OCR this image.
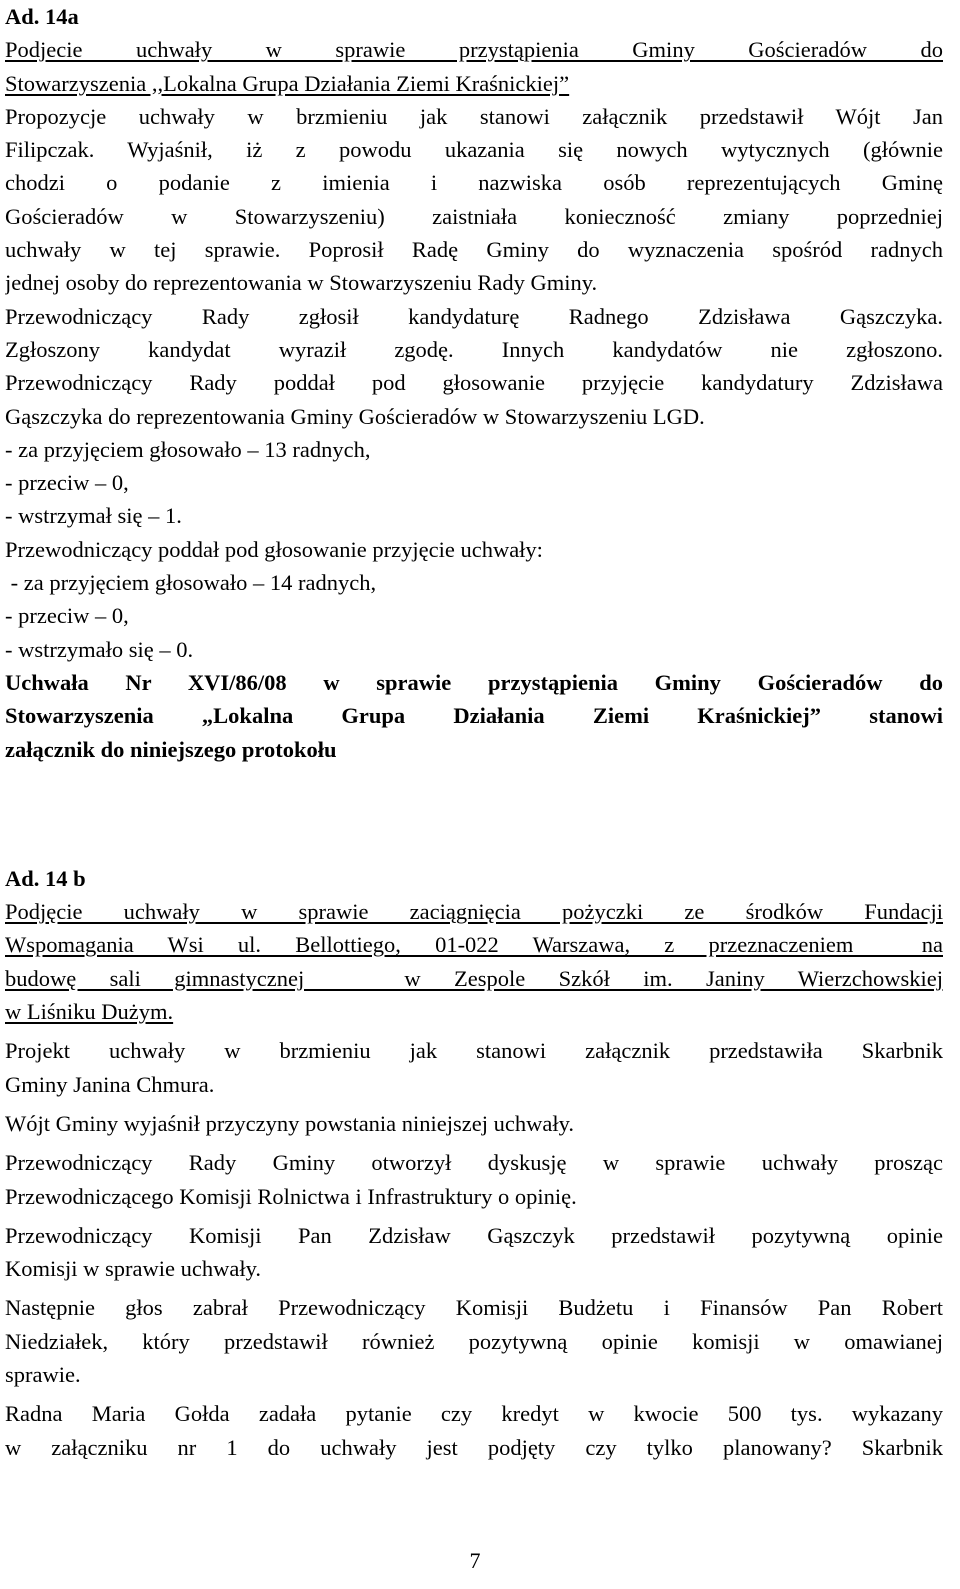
Ad. 14a
Podjecie uchwały w sprawie przystąpienia Gminy Gościeradów do
Stowarzyszenia ,,Lokalna Grupa Działania Ziemi Kraśnickiej”
Propozycje uchwały w brzmieniu jak stanowi załącznik przedstawił Wójt Jan
Filipczak. Wyjaśnił, iż z powodu ukazania się nowych wytycznych (głównie
chodzi o podanie z imienia i nazwiska osób reprezentujących Gminę
Gościeradów w Stowarzyszeniu) zaistniała konieczność zmiany poprzedniej
uchwały w tej sprawie. Poprosił Radę Gminy do wyznaczenia spośród radnych
jednej osoby do reprezentowania w Stowarzyszeniu Rady Gminy.
Przewodniczący Rady zgłosił kandydaturę Radnego Zdzisława Gąszczyka.
Zgłoszony kandydat wyraził zgodę. Innych kandydatów nie zgłoszono.
Przewodniczący Rady poddał pod głosowanie przyjęcie kandydatury Zdzisława
Gąszczyka do reprezentowania Gminy Gościeradów w Stowarzyszeniu LGD.
- za przyjęciem głosowało – 13 radnych,
- przeciw – 0,
- wstrzymał się – 1.
Przewodniczący poddał pod głosowanie przyjęcie uchwały:
- za przyjęciem głosowało – 14 radnych,
- przeciw – 0,
- wstrzymało się – 0.
Uchwała Nr XVI/86/08 w sprawie przystąpienia Gminy Gościeradów do
Stowarzyszenia „Lokalna Grupa Działania Ziemi Kraśnickiej” stanowi
załącznik do niniejszego protokołu
Ad. 14 b
Podjęcie uchwały w sprawie zaciągnięcia pożyczki ze środków Fundacji
Wspomagania Wsi ul. Bellottiego, 01-022 Warszawa, z przeznaczeniem  na
budowę sali gimnastycznej   w Zespole Szkół im. Janiny Wierzchowskiej
w Liśniku Dużym.
Projekt uchwały w brzmieniu jak stanowi załącznik przedstawiła Skarbnik
Gminy Janina Chmura.
Wójt Gminy wyjaśnił przyczyny powstania niniejszej uchwały.
Przewodniczący Rady Gminy otworzył dyskusję w sprawie uchwały prosząc
Przewodniczącego Komisji Rolnictwa i Infrastruktury o opinię.
Przewodniczący Komisji Pan Zdzisław Gąszczyk przedstawił pozytywną opinie
Komisji w sprawie uchwały.
Następnie głos zabrał Przewodniczący Komisji Budżetu i Finansów Pan Robert
Niedziałek, który przedstawił również pozytywną opinie komisji w omawianej
sprawie.
Radna Maria Gołda zadała pytanie czy kredyt w kwocie 500 tys. wykazany
w załączniku nr 1 do uchwały jest podjęty czy tylko planowany? Skarbnik
7
